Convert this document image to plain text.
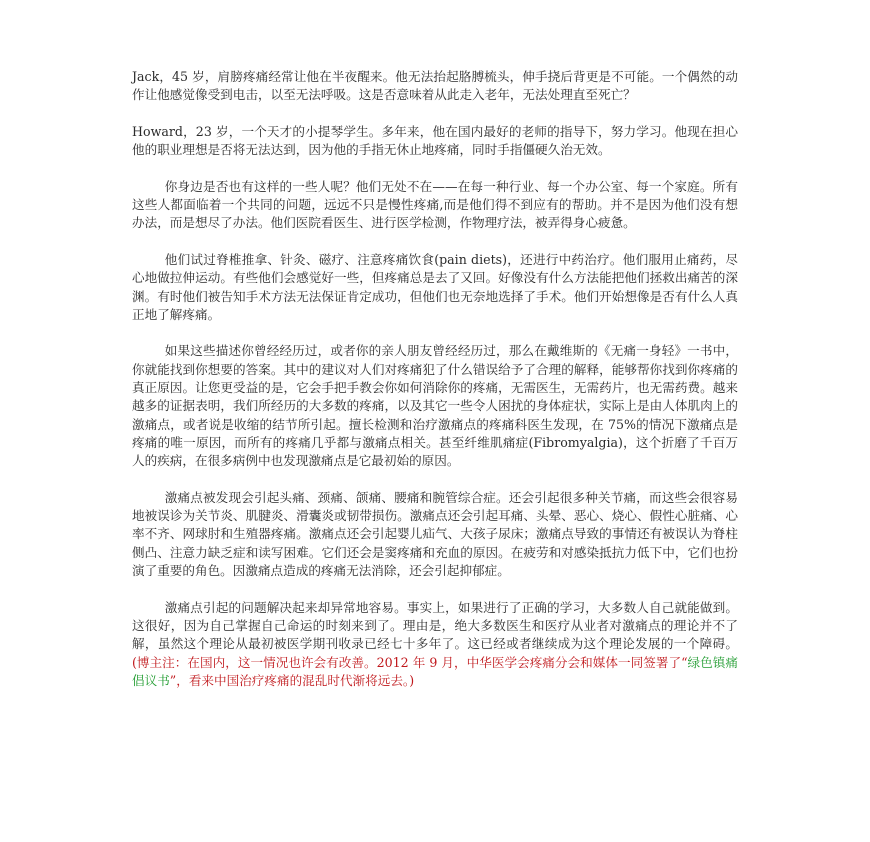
Jack，45 岁，肩膀疼痛经常让他在半夜醒来。他无法抬起胳膊梳头，伸手挠后背更是不可能。一个偶然的动作让他感觉像受到电击，以至无法呼吸。这是否意味着从此走入老年，无法处理直至死亡？

Howard，23 岁，一个天才的小提琴学生。多年来，他在国内最好的老师的指导下，努力学习。他现在担心他的职业理想是否将无法达到，因为他的手指无休止地疼痛，同时手指僵硬久治无效。

你身边是否也有这样的一些人呢？他们无处不在——在每一种行业、每一个办公室、每一个家庭。所有这些人都面临着一个共同的问题，远远不只是慢性疼痛,而是他们得不到应有的帮助。并不是因为他们没有想办法，而是想尽了办法。他们医院看医生、进行医学检测，作物理疗法，被弄得身心疲惫。

他们试过脊椎推拿、针灸、磁疗、注意疼痛饮食(pain diets)，还进行中药治疗。他们服用止痛药，尽心地做拉伸运动。有些他们会感觉好一些，但疼痛总是去了又回。好像没有什么方法能把他们拯救出痛苦的深渊。有时他们被告知手术方法无法保证肯定成功，但他们也无奈地选择了手术。他们开始想像是否有什么人真正地了解疼痛。

如果这些描述你曾经经历过，或者你的亲人朋友曾经经历过，那么在戴维斯的《无痛一身轻》一书中，你就能找到你想要的答案。其中的建议对人们对疼痛犯了什么错误给予了合理的解释，能够帮你找到你疼痛的真正原因。让您更受益的是，它会手把手教会你如何消除你的疼痛，无需医生，无需药片，也无需药费。越来越多的证据表明，我们所经历的大多数的疼痛，以及其它一些令人困扰的身体症状，实际上是由人体肌肉上的激痛点，或者说是收缩的结节所引起。擅长检测和治疗激痛点的疼痛科医生发现，在 75%的情况下激痛点是疼痛的唯一原因，而所有的疼痛几乎都与激痛点相关。甚至纤维肌痛症(Fibromyalgia)，这个折磨了千百万人的疾病，在很多病例中也发现激痛点是它最初始的原因。

激痛点被发现会引起头痛、颈痛、颌痛、腰痛和腕管综合症。还会引起很多种关节痛，而这些会很容易地被误诊为关节炎、肌腱炎、滑囊炎或韧带损伤。激痛点还会引起耳痛、头晕、恶心、烧心、假性心脏痛、心率不齐、网球肘和生殖器疼痛。激痛点还会引起婴儿疝气、大孩子尿床；激痛点导致的事情还有被误认为脊柱侧凸、注意力缺乏症和读写困难。它们还会是窦疼痛和充血的原因。在疲劳和对感染抵抗力低下中，它们也扮演了重要的角色。因激痛点造成的疼痛无法消除，还会引起抑郁症。

激痛点引起的问题解决起来却异常地容易。事实上，如果进行了正确的学习，大多数人自己就能做到。这很好，因为自己掌握自己命运的时刻来到了。理由是，绝大多数医生和医疗从业者对激痛点的理论并不了解，虽然这个理论从最初被医学期刊收录已经七十多年了。这已经或者继续成为这个理论发展的一个障碍。(博主注：在国内，这一情况也许会有改善。2012 年 9 月，中华医学会疼痛分会和媒体一同签署了“绿色镇痛倡议书”，看来中国治疗疼痛的混乱时代渐将远去。)
